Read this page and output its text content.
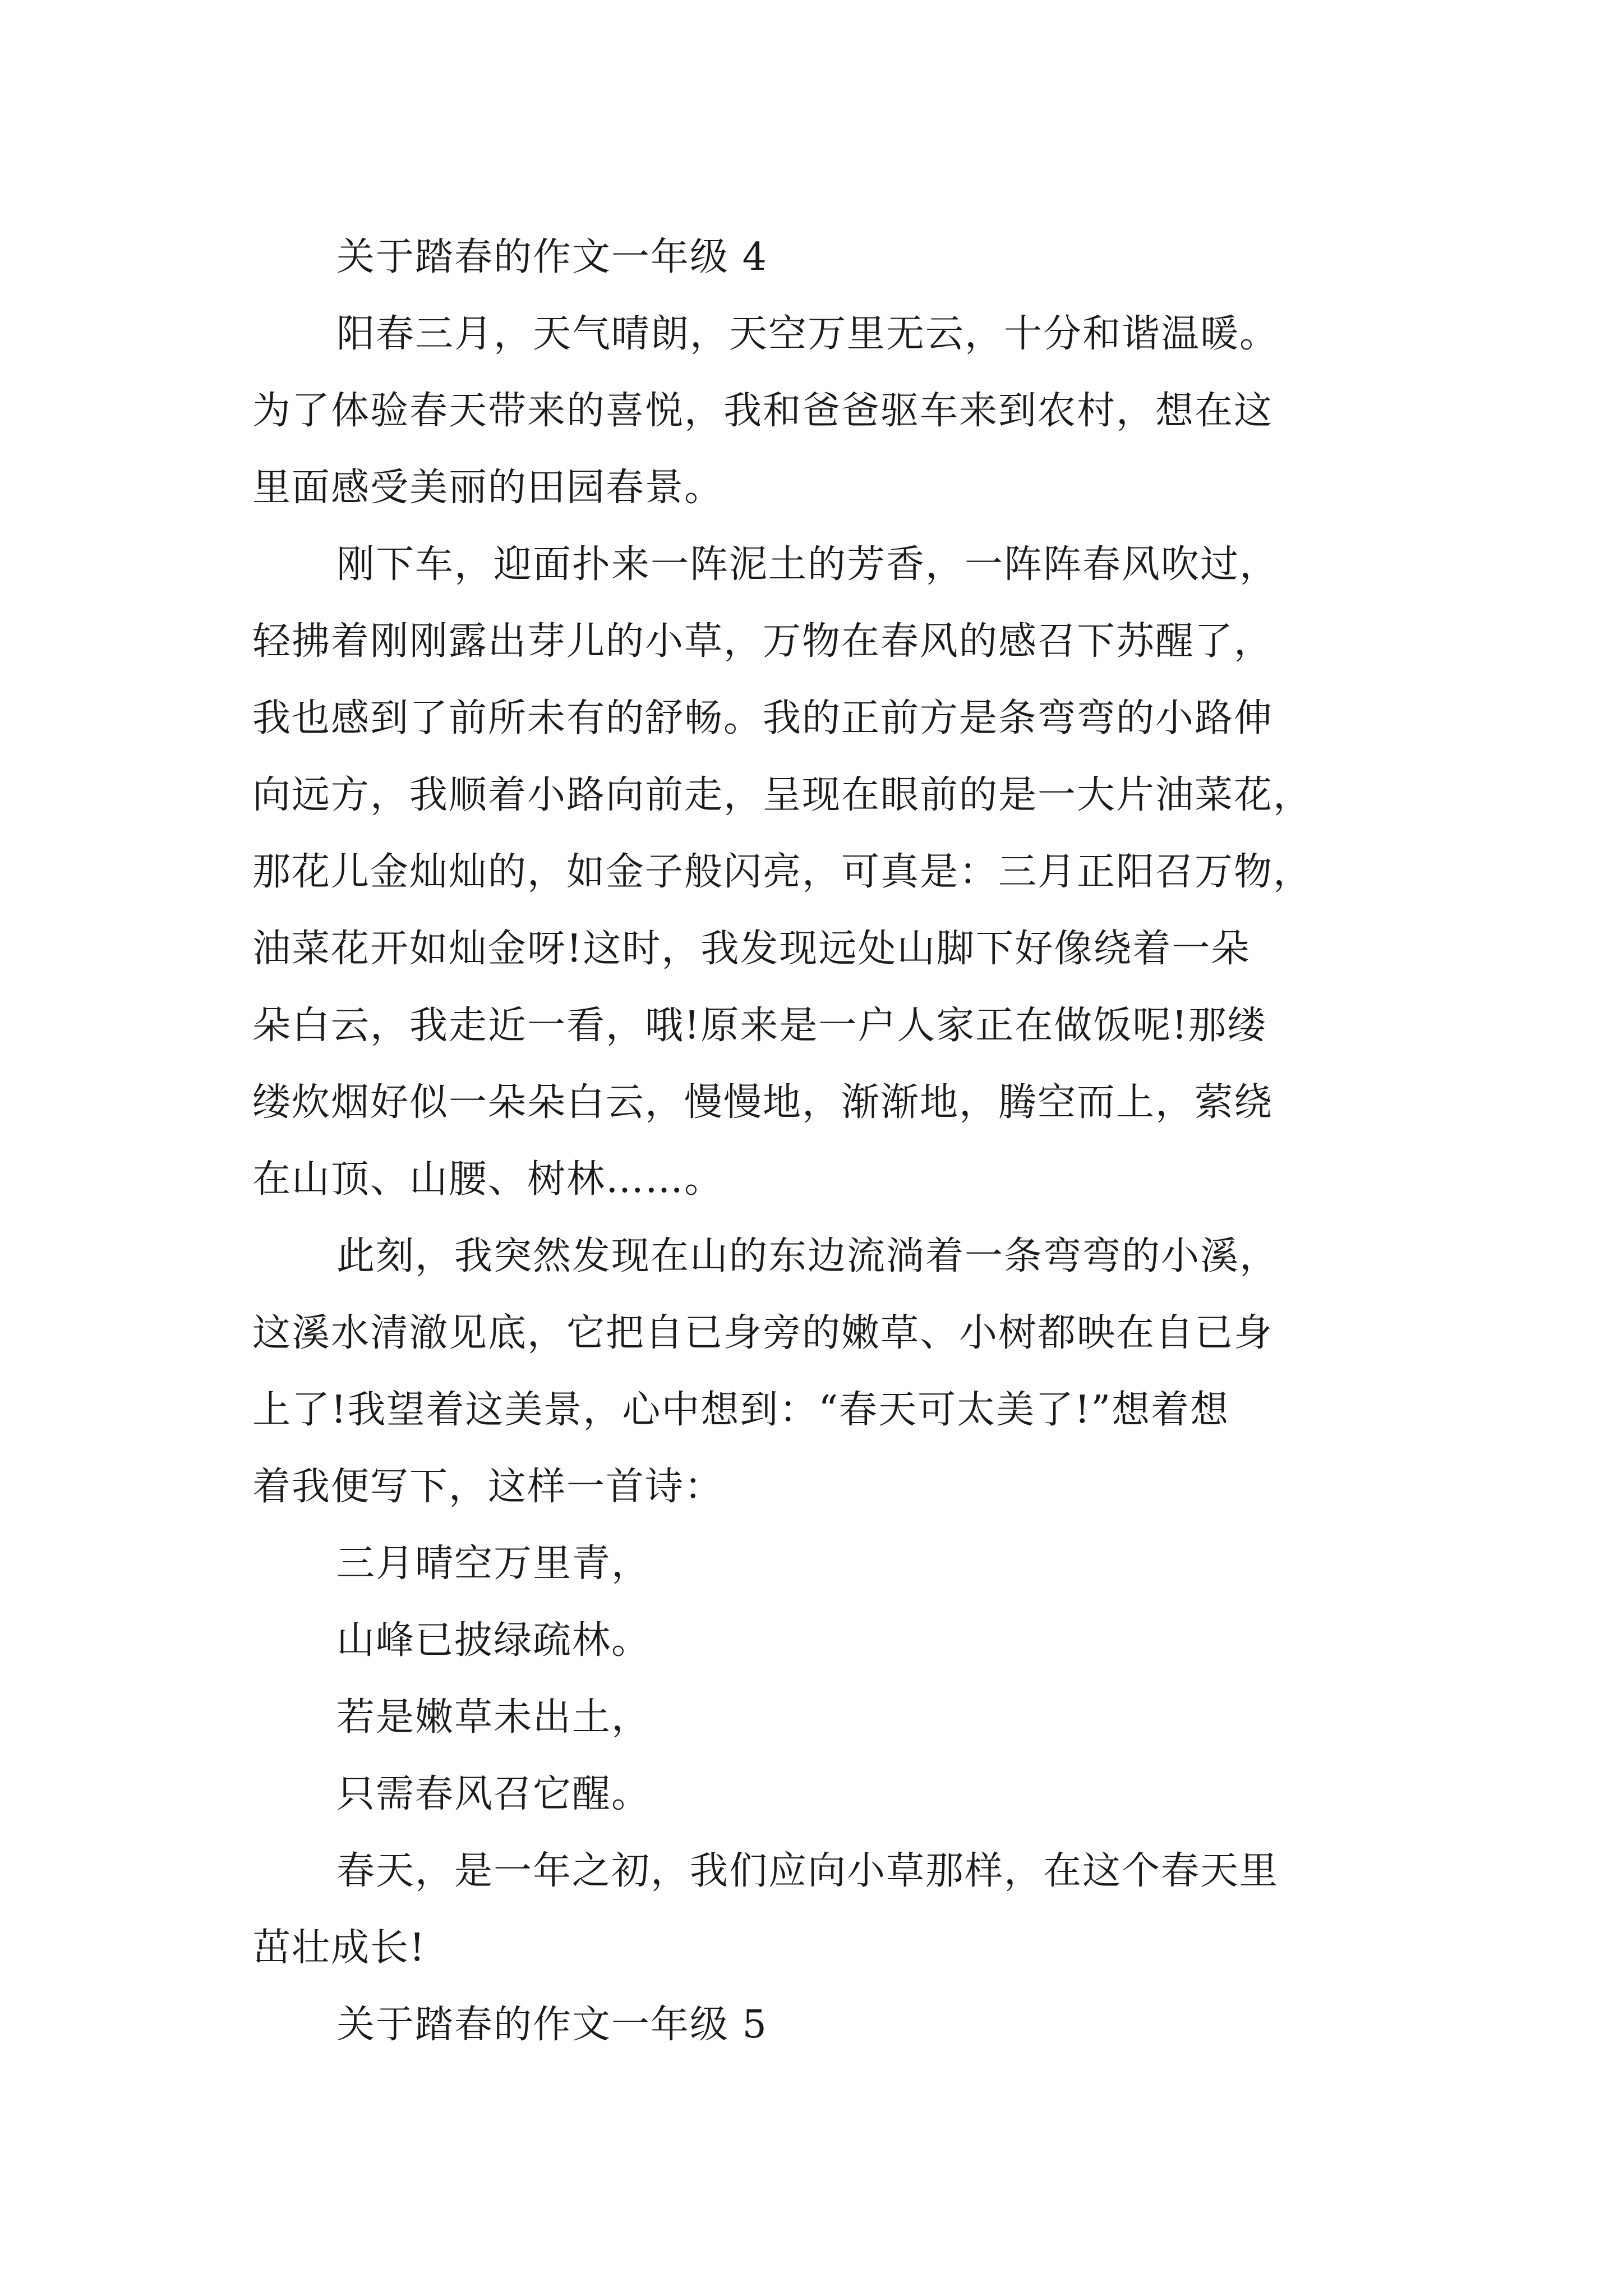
关于踏春的作文一年级 4
阳春三月，天气晴朗，天空万里无云，十分和谐温暖。
为了体验春天带来的喜悦，我和爸爸驱车来到农村，想在这
里面感受美丽的田园春景。
刚下车，迎面扑来一阵泥土的芳香，一阵阵春风吹过，
轻拂着刚刚露出芽儿的小草，万物在春风的感召下苏醒了，
我也感到了前所未有的舒畅。我的正前方是条弯弯的小路伸
向远方，我顺着小路向前走，呈现在眼前的是一大片油菜花，
那花儿金灿灿的，如金子般闪亮，可真是：三月正阳召万物，
油菜花开如灿金呀!这时，我发现远处山脚下好像绕着一朵
朵白云，我走近一看，哦!原来是一户人家正在做饭呢!那缕
缕炊烟好似一朵朵白云，慢慢地，渐渐地，腾空而上，萦绕
在山顶、山腰、树林……。
此刻，我突然发现在山的东边流淌着一条弯弯的小溪，
这溪水清澈见底，它把自已身旁的嫩草、小树都映在自已身
上了!我望着这美景，心中想到：“春天可太美了!”想着想
着我便写下，这样一首诗：
三月晴空万里青，
山峰已披绿疏林。
若是嫩草未出土，
只需春风召它醒。
春天，是一年之初，我们应向小草那样，在这个春天里
茁壮成长!
关于踏春的作文一年级 5
